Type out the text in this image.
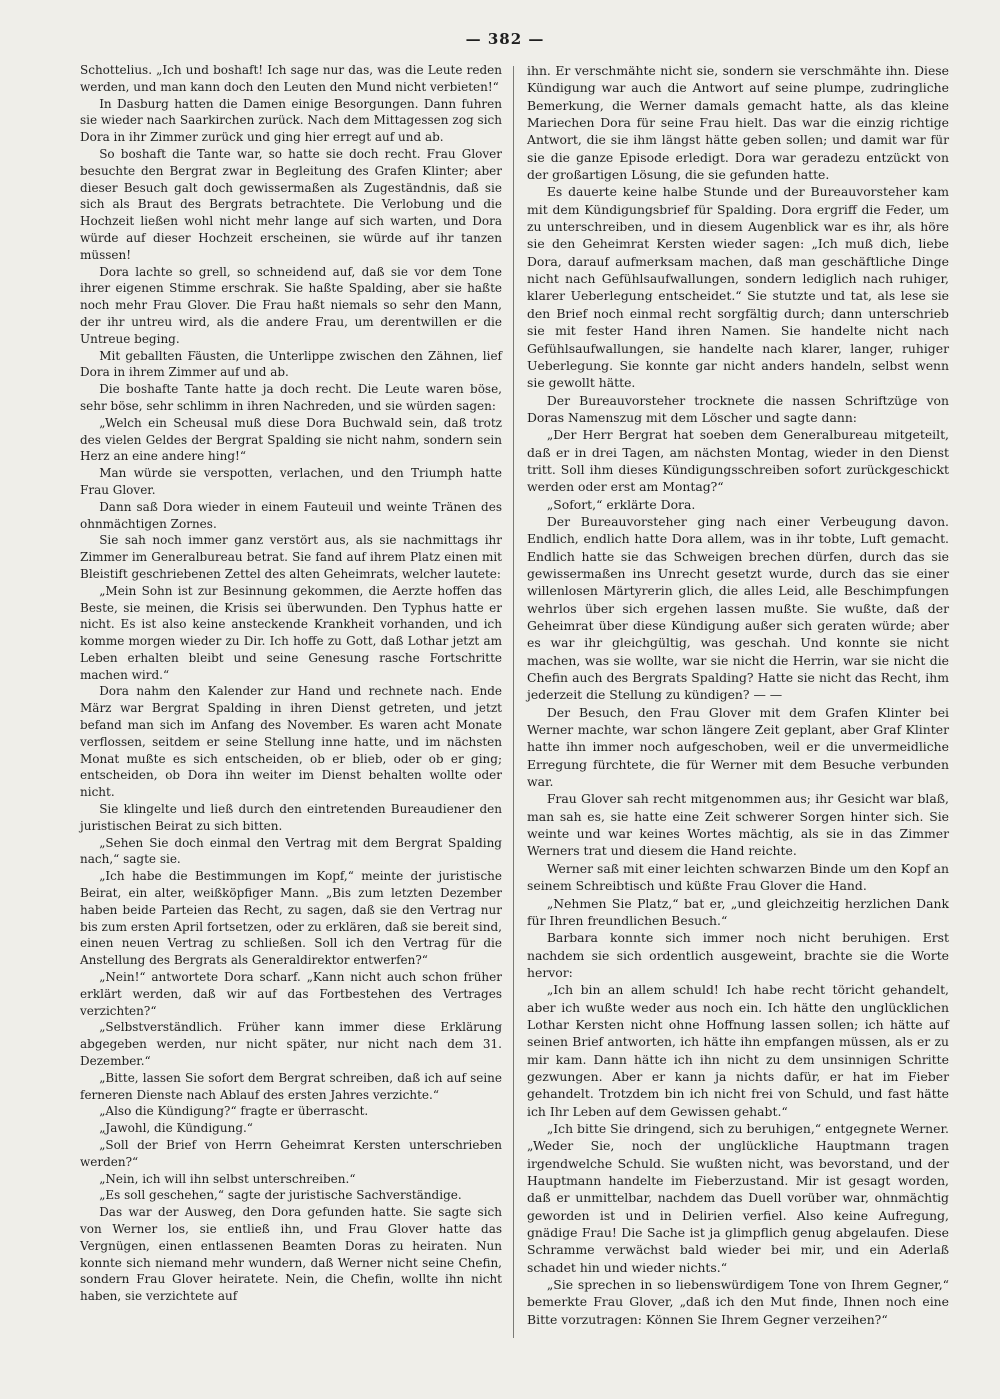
— 382 —

Schottelius. „Ich und boshaft! Ich sage nur das, was die Leute reden werden, und man kann doch den Leuten den Mund nicht verbieten!“

In Dasburg hatten die Damen einige Besorgungen. Dann fuhren sie wieder nach Saarkirchen zurück. Nach dem Mittagessen zog sich Dora in ihr Zimmer zurück und ging hier erregt auf und ab.

So boshaft die Tante war, so hatte sie doch recht. Frau Glover besuchte den Bergrat zwar in Begleitung des Grafen Klinter; aber dieser Besuch galt doch gewissermaßen als Zugeständnis, daß sie sich als Braut des Bergrats betrachtete. Die Verlobung und die Hochzeit ließen wohl nicht mehr lange auf sich warten, und Dora würde auf dieser Hochzeit erscheinen, sie würde auf ihr tanzen müssen!

Dora lachte so grell, so schneidend auf, daß sie vor dem Tone ihrer eigenen Stimme erschrak. Sie haßte Spalding, aber sie haßte noch mehr Frau Glover. Die Frau haßt niemals so sehr den Mann, der ihr untreu wird, als die andere Frau, um derentwillen er die Untreue beging.

Mit geballten Fäusten, die Unterlippe zwischen den Zähnen, lief Dora in ihrem Zimmer auf und ab.

Die boshafte Tante hatte ja doch recht. Die Leute waren böse, sehr böse, sehr schlimm in ihren Nachreden, und sie würden sagen:

„Welch ein Scheusal muß diese Dora Buchwald sein, daß trotz des vielen Geldes der Bergrat Spalding sie nicht nahm, sondern sein Herz an eine andere hing!“

Man würde sie verspotten, verlachen, und den Triumph hatte Frau Glover.

Dann saß Dora wieder in einem Fauteuil und weinte Tränen des ohnmächtigen Zornes.

Sie sah noch immer ganz verstört aus, als sie nachmittags ihr Zimmer im Generalbureau betrat. Sie fand auf ihrem Platz einen mit Bleistift geschriebenen Zettel des alten Geheimrats, welcher lautete:

„Mein Sohn ist zur Besinnung gekommen, die Aerzte hoffen das Beste, sie meinen, die Krisis sei überwunden. Den Typhus hatte er nicht. Es ist also keine ansteckende Krankheit vorhanden, und ich komme morgen wieder zu Dir. Ich hoffe zu Gott, daß Lothar jetzt am Leben erhalten bleibt und seine Genesung rasche Fortschritte machen wird.“

Dora nahm den Kalender zur Hand und rechnete nach. Ende März war Bergrat Spalding in ihren Dienst getreten, und jetzt befand man sich im Anfang des November. Es waren acht Monate verflossen, seitdem er seine Stellung inne hatte, und im nächsten Monat mußte es sich entscheiden, ob er blieb, oder ob er ging; entscheiden, ob Dora ihn weiter im Dienst behalten wollte oder nicht.

Sie klingelte und ließ durch den eintretenden Bureaudiener den juristischen Beirat zu sich bitten.

„Sehen Sie doch einmal den Vertrag mit dem Bergrat Spalding nach,“ sagte sie.

„Ich habe die Bestimmungen im Kopf,“ meinte der juristische Beirat, ein alter, weißköpfiger Mann. „Bis zum letzten Dezember haben beide Parteien das Recht, zu sagen, daß sie den Vertrag nur bis zum ersten April fortsetzen, oder zu erklären, daß sie bereit sind, einen neuen Vertrag zu schließen. Soll ich den Vertrag für die Anstellung des Bergrats als Generaldirektor entwerfen?“

„Nein!“ antwortete Dora scharf. „Kann nicht auch schon früher erklärt werden, daß wir auf das Fortbestehen des Vertrages verzichten?“

„Selbstverständlich. Früher kann immer diese Erklärung abgegeben werden, nur nicht später, nur nicht nach dem 31. Dezember.“

„Bitte, lassen Sie sofort dem Bergrat schreiben, daß ich auf seine ferneren Dienste nach Ablauf des ersten Jahres verzichte.“

„Also die Kündigung?“ fragte er überrascht.

„Jawohl, die Kündigung.“

„Soll der Brief von Herrn Geheimrat Kersten unterschrieben werden?“

„Nein, ich will ihn selbst unterschreiben.“

„Es soll geschehen,“ sagte der juristische Sachverständige.

Das war der Ausweg, den Dora gefunden hatte. Sie sagte sich von Werner los, sie entließ ihn, und Frau Glover hatte das Vergnügen, einen entlassenen Beamten Doras zu heiraten. Nun konnte sich niemand mehr wundern, daß Werner nicht seine Chefin, sondern Frau Glover heiratete. Nein, die Chefin, wollte ihn nicht haben, sie verzichtete auf

ihn. Er verschmähte nicht sie, sondern sie verschmähte ihn. Diese Kündigung war auch die Antwort auf seine plumpe, zudringliche Bemerkung, die Werner damals gemacht hatte, als das kleine Mariechen Dora für seine Frau hielt. Das war die einzig richtige Antwort, die sie ihm längst hätte geben sollen; und damit war für sie die ganze Episode erledigt. Dora war geradezu entzückt von der großartigen Lösung, die sie gefunden hatte.

Es dauerte keine halbe Stunde und der Bureauvorsteher kam mit dem Kündigungsbrief für Spalding. Dora ergriff die Feder, um zu unterschreiben, und in diesem Augenblick war es ihr, als höre sie den Geheimrat Kersten wieder sagen: „Ich muß dich, liebe Dora, darauf aufmerksam machen, daß man geschäftliche Dinge nicht nach Gefühlsaufwallungen, sondern lediglich nach ruhiger, klarer Ueberlegung entscheidet.“ Sie stutzte und tat, als lese sie den Brief noch einmal recht sorgfältig durch; dann unterschrieb sie mit fester Hand ihren Namen. Sie handelte nicht nach Gefühlsaufwallungen, sie handelte nach klarer, langer, ruhiger Ueberlegung. Sie konnte gar nicht anders handeln, selbst wenn sie gewollt hätte.

Der Bureauvorsteher trocknete die nassen Schriftzüge von Doras Namenszug mit dem Löscher und sagte dann:

„Der Herr Bergrat hat soeben dem Generalbureau mitgeteilt, daß er in drei Tagen, am nächsten Montag, wieder in den Dienst tritt. Soll ihm dieses Kündigungsschreiben sofort zurückgeschickt werden oder erst am Montag?“

„Sofort,“ erklärte Dora.

Der Bureauvorsteher ging nach einer Verbeugung davon. Endlich, endlich hatte Dora allem, was in ihr tobte, Luft gemacht. Endlich hatte sie das Schweigen brechen dürfen, durch das sie gewissermaßen ins Unrecht gesetzt wurde, durch das sie einer willenlosen Märtyrerin glich, die alles Leid, alle Beschimpfungen wehrlos über sich ergehen lassen mußte. Sie wußte, daß der Geheimrat über diese Kündigung außer sich geraten würde; aber es war ihr gleichgültig, was geschah. Und konnte sie nicht machen, was sie wollte, war sie nicht die Herrin, war sie nicht die Chefin auch des Bergrats Spalding? Hatte sie nicht das Recht, ihm jederzeit die Stellung zu kündigen? — —

Der Besuch, den Frau Glover mit dem Grafen Klinter bei Werner machte, war schon längere Zeit geplant, aber Graf Klinter hatte ihn immer noch aufgeschoben, weil er die unvermeidliche Erregung fürchtete, die für Werner mit dem Besuche verbunden war.

Frau Glover sah recht mitgenommen aus; ihr Gesicht war blaß, man sah es, sie hatte eine Zeit schwerer Sorgen hinter sich. Sie weinte und war keines Wortes mächtig, als sie in das Zimmer Werners trat und diesem die Hand reichte.

Werner saß mit einer leichten schwarzen Binde um den Kopf an seinem Schreibtisch und küßte Frau Glover die Hand.

„Nehmen Sie Platz,“ bat er, „und gleichzeitig herzlichen Dank für Ihren freundlichen Besuch.“

Barbara konnte sich immer noch nicht beruhigen. Erst nachdem sie sich ordentlich ausgeweint, brachte sie die Worte hervor:

„Ich bin an allem schuld! Ich habe recht töricht gehandelt, aber ich wußte weder aus noch ein. Ich hätte den unglücklichen Lothar Kersten nicht ohne Hoffnung lassen sollen; ich hätte auf seinen Brief antworten, ich hätte ihn empfangen müssen, als er zu mir kam. Dann hätte ich ihn nicht zu dem unsinnigen Schritte gezwungen. Aber er kann ja nichts dafür, er hat im Fieber gehandelt. Trotzdem bin ich nicht frei von Schuld, und fast hätte ich Ihr Leben auf dem Gewissen gehabt.“

„Ich bitte Sie dringend, sich zu beruhigen,“ entgegnete Werner. „Weder Sie, noch der unglückliche Hauptmann tragen irgendwelche Schuld. Sie wußten nicht, was bevorstand, und der Hauptmann handelte im Fieberzustand. Mir ist gesagt worden, daß er unmittelbar, nachdem das Duell vorüber war, ohnmächtig geworden ist und in Delirien verfiel. Also keine Aufregung, gnädige Frau! Die Sache ist ja glimpflich genug abgelaufen. Diese Schramme verwächst bald wieder bei mir, und ein Aderlaß schadet hin und wieder nichts.“

„Sie sprechen in so liebenswürdigem Tone von Ihrem Gegner,“ bemerkte Frau Glover, „daß ich den Mut finde, Ihnen noch eine Bitte vorzutragen: Können Sie Ihrem Gegner verzeihen?“
